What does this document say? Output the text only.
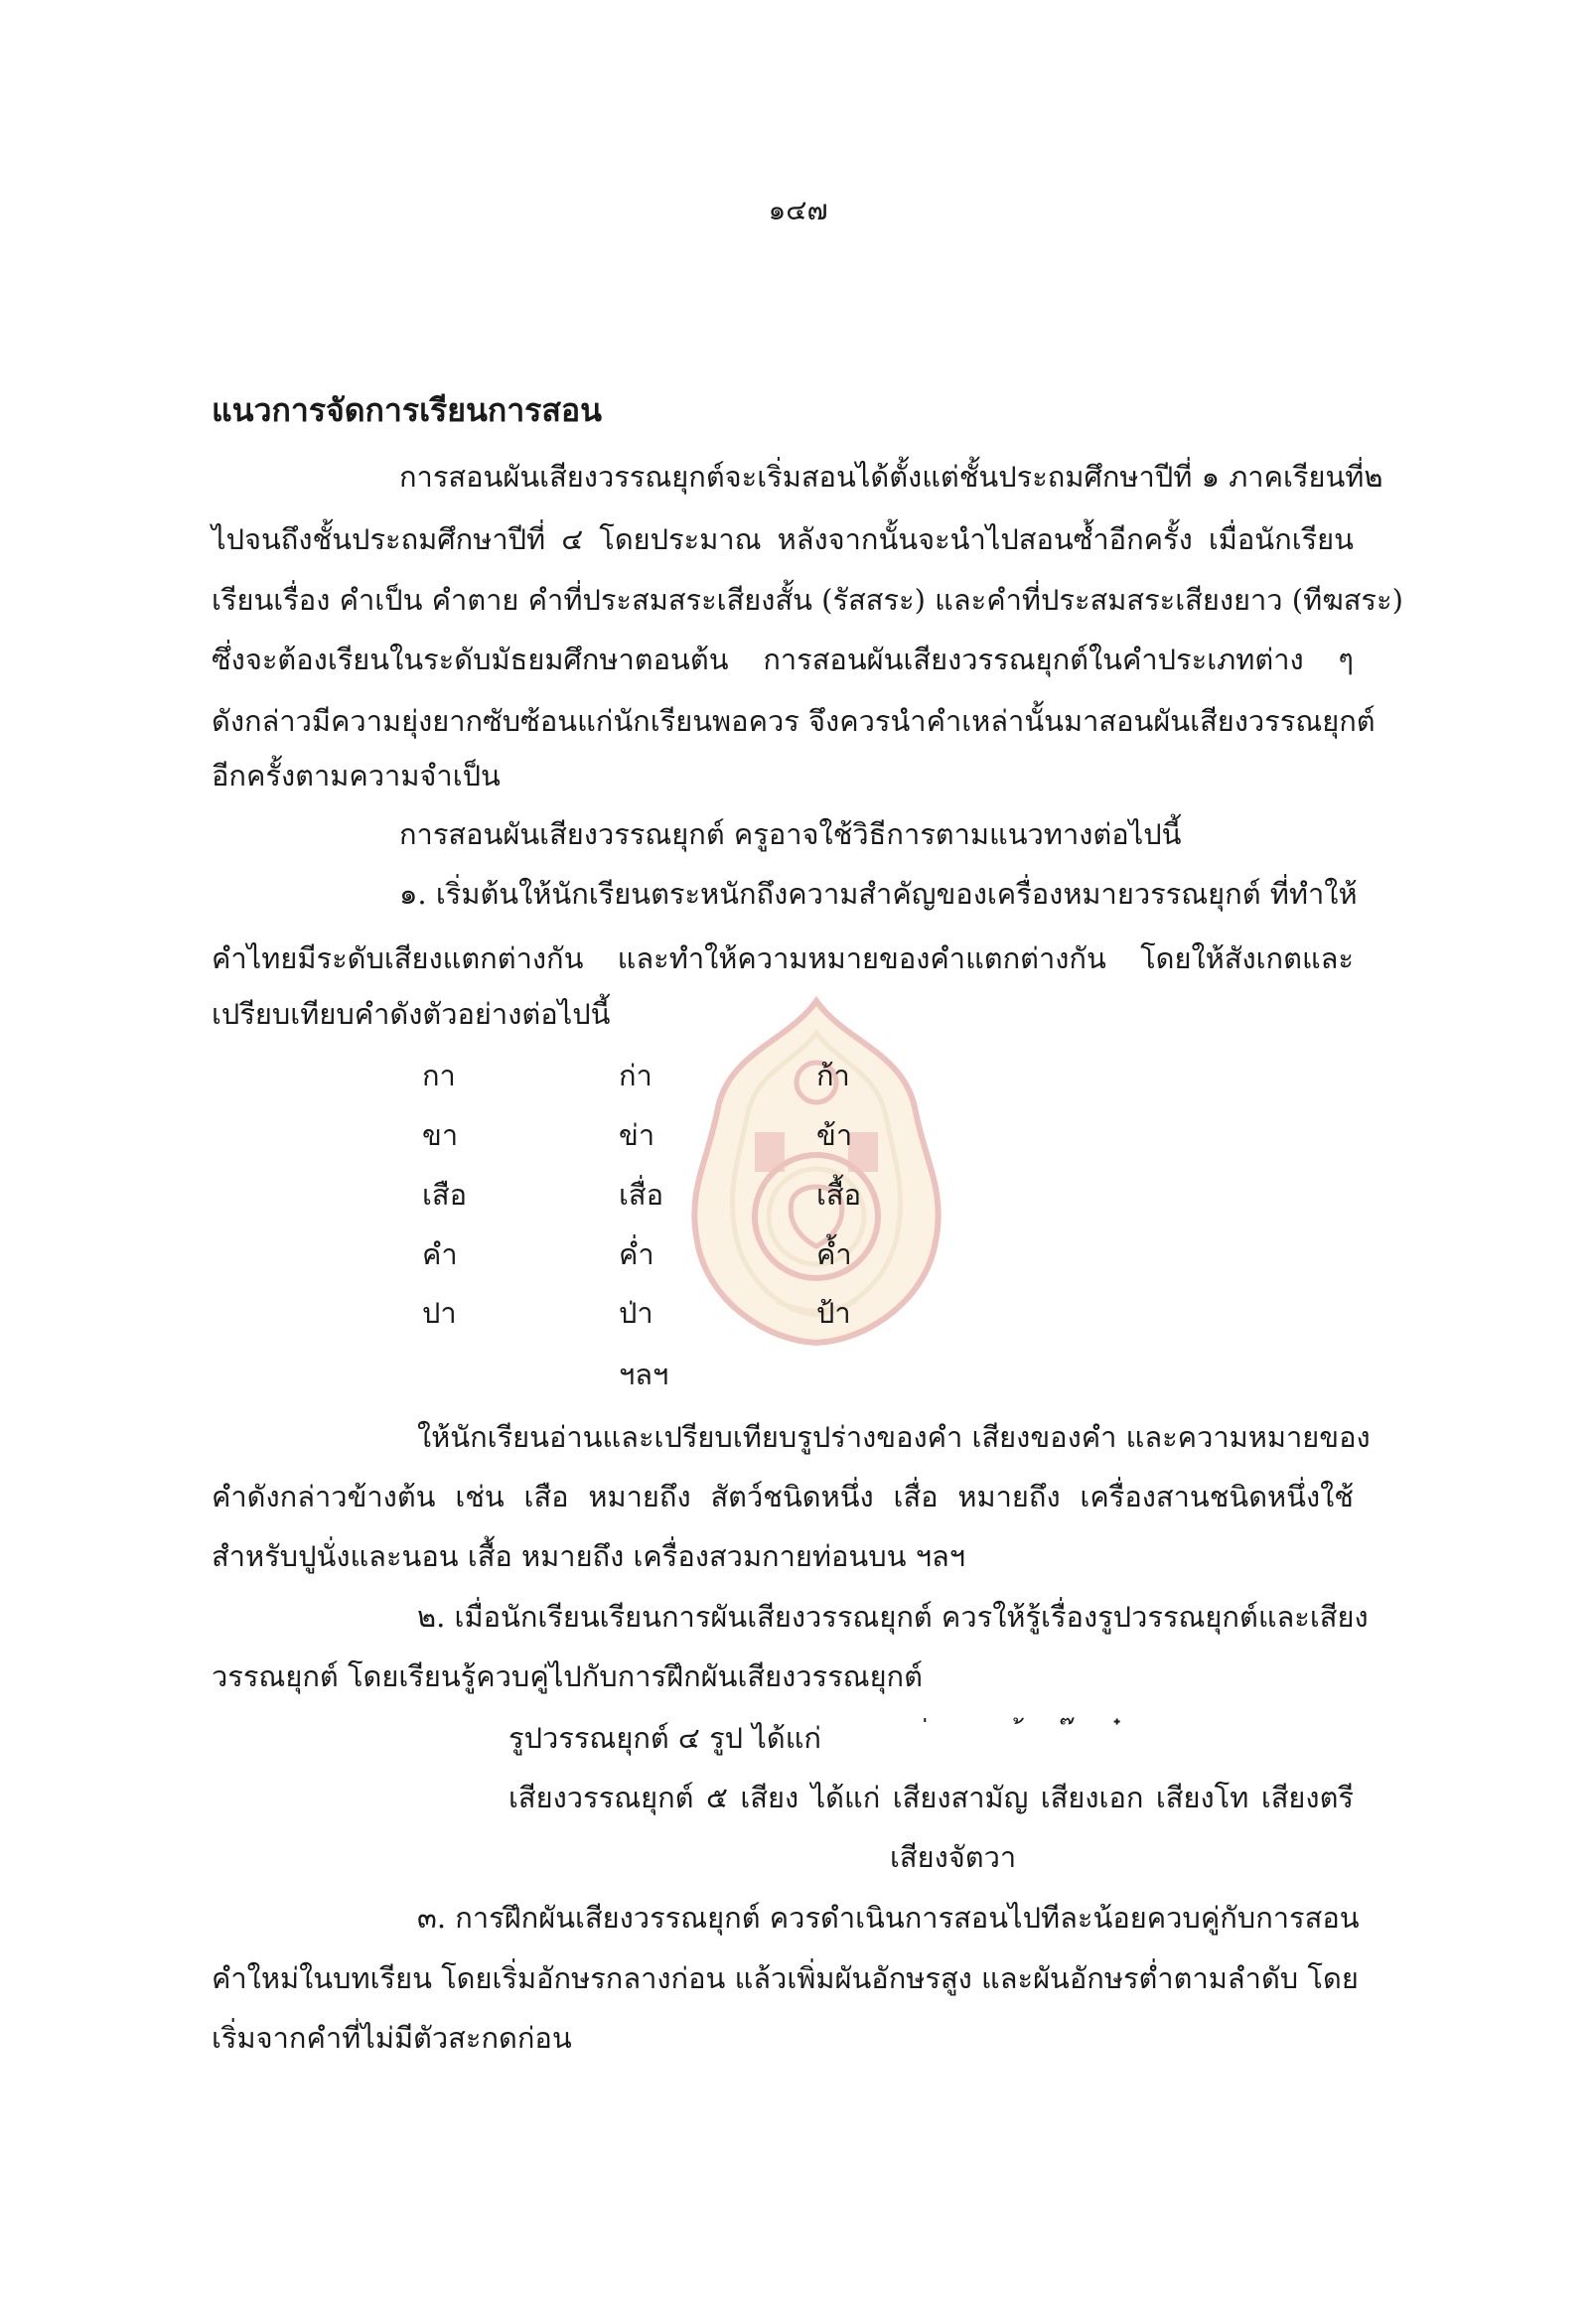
๑๔๗
แนวการจัดการเรียนการสอน
การสอนผันเสียงวรรณยุกต์จะเริ่มสอนได้ตั้งแต่ชั้นประถมศึกษาปีที่ ๑ ภาคเรียนที่๒
ไปจนถึงชั้นประถมศึกษาปีที่ ๔ โดยประมาณ หลังจากนั้นจะนำไปสอนซ้ำอีกครั้ง เมื่อนักเรียน
เรียนเรื่อง คำเป็น คำตาย คำที่ประสมสระเสียงสั้น (รัสสระ) และคำที่ประสมสระเสียงยาว (ทีฆสระ)
ซึ่งจะต้องเรียนในระดับมัธยมศึกษาตอนต้น การสอนผันเสียงวรรณยุกต์ในคำประเภทต่าง ๆ
ดังกล่าวมีความยุ่งยากซับซ้อนแก่นักเรียนพอควร จึงควรนำคำเหล่านั้นมาสอนผันเสียงวรรณยุกต์
อีกครั้งตามความจำเป็น
การสอนผันเสียงวรรณยุกต์ ครูอาจใช้วิธีการตามแนวทางต่อไปนี้
๑. เริ่มต้นให้นักเรียนตระหนักถึงความสำคัญของเครื่องหมายวรรณยุกต์ ที่ทำให้
คำไทยมีระดับเสียงแตกต่างกัน และทำให้ความหมายของคำแตกต่างกัน โดยให้สังเกตและ
เปรียบเทียบคำดังตัวอย่างต่อไปนี้
กา	ก่า	ก้า
ขา	ข่า	ข้า
เสือ	เสื่อ	เสื้อ
คำ	ค่ำ	ค้ำ
ปา	ป่า	ป้า
ฯลฯ
ให้นักเรียนอ่านและเปรียบเทียบรูปร่างของคำ เสียงของคำ และความหมายของ
คำดังกล่าวข้างต้น เช่น เสือ หมายถึง สัตว์ชนิดหนึ่ง เสื่อ หมายถึง เครื่องสานชนิดหนึ่งใช้
สำหรับปูนั่งและนอน เสื้อ หมายถึง เครื่องสวมกายท่อนบน ฯลฯ
๒. เมื่อนักเรียนเรียนการผันเสียงวรรณยุกต์ ควรให้รู้เรื่องรูปวรรณยุกต์และเสียง
วรรณยุกต์ โดยเรียนรู้ควบคู่ไปกับการฝึกผันเสียงวรรณยุกต์
รูปวรรณยุกต์ ๔ รูป ได้แก่
เสียงวรรณยุกต์ ๕ เสียง ได้แก่ เสียงสามัญ เสียงเอก เสียงโท เสียงตรี
เสียงจัตวา
๓. การฝึกผันเสียงวรรณยุกต์ ควรดำเนินการสอนไปทีละน้อยควบคู่กับการสอน
คำใหม่ในบทเรียน โดยเริ่มอักษรกลางก่อน แล้วเพิ่มผันอักษรสูง และผันอักษรต่ำตามลำดับ โดย
เริ่มจากคำที่ไม่มีตัวสะกดก่อน
